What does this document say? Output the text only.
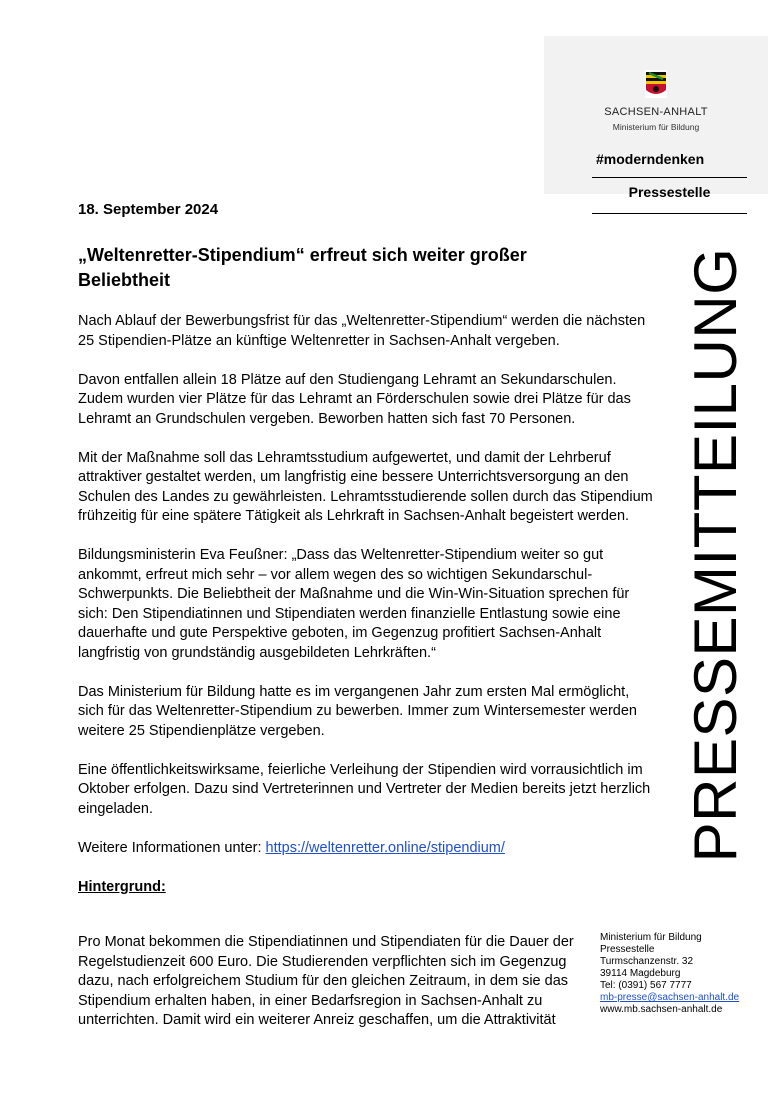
SACHSEN-ANHALT
Ministerium für Bildung
#moderndenken
Pressestelle
PRESSEMITTEILUNG
18. September 2024
„Weltenretter-Stipendium“ erfreut sich weiter großer Beliebtheit

Nach Ablauf der Bewerbungsfrist für das „Weltenretter-Stipendium“ werden die nächsten 25 Stipendien-Plätze an künftige Weltenretter in Sachsen-Anhalt vergeben.

Davon entfallen allein 18 Plätze auf den Studiengang Lehramt an Sekundarschulen. Zudem wurden vier Plätze für das Lehramt an Förderschulen sowie drei Plätze für das Lehramt an Grundschulen vergeben. Beworben hatten sich fast 70 Personen.

Mit der Maßnahme soll das Lehramtsstudium aufgewertet, und damit der Lehrberuf attraktiver gestaltet werden, um langfristig eine bessere Unterrichtsversorgung an den Schulen des Landes zu gewährleisten. Lehramtsstudierende sollen durch das Stipendium frühzeitig für eine spätere Tätigkeit als Lehrkraft in Sachsen-Anhalt begeistert werden.

Bildungsministerin Eva Feußner: „Dass das Weltenretter-Stipendium weiter so gut ankommt, erfreut mich sehr – vor allem wegen des so wichtigen Sekundarschul-Schwerpunkts. Die Beliebtheit der Maßnahme und die Win-Win-Situation sprechen für sich: Den Stipendiatinnen und Stipendiaten werden finanzielle Entlastung sowie eine dauerhafte und gute Perspektive geboten, im Gegenzug profitiert Sachsen-Anhalt langfristig von grundständig ausgebildeten Lehrkräften.“

Das Ministerium für Bildung hatte es im vergangenen Jahr zum ersten Mal ermöglicht, sich für das Weltenretter-Stipendium zu bewerben. Immer zum Wintersemester werden weitere 25 Stipendienplätze vergeben.

Eine öffentlichkeitswirksame, feierliche Verleihung der Stipendien wird vorrausichtlich im Oktober erfolgen. Dazu sind Vertreterinnen und Vertreter der Medien bereits jetzt herzlich eingeladen.

Weitere Informationen unter: https://weltenretter.online/stipendium/

Hintergrund:

Pro Monat bekommen die Stipendiatinnen und Stipendiaten für die Dauer der Regelstudienzeit 600 Euro. Die Studierenden verpflichten sich im Gegenzug dazu, nach erfolgreichem Studium für den gleichen Zeitraum, in dem sie das Stipendium erhalten haben, in einer Bedarfsregion in Sachsen-Anhalt zu unterrichten. Damit wird ein weiterer Anreiz geschaffen, um die Attraktivität
Ministerium für Bildung
Pressestelle
Turmschanzenstr. 32
39114 Magdeburg
Tel: (0391) 567 7777
mb-presse@sachsen-anhalt.de
www.mb.sachsen-anhalt.de
